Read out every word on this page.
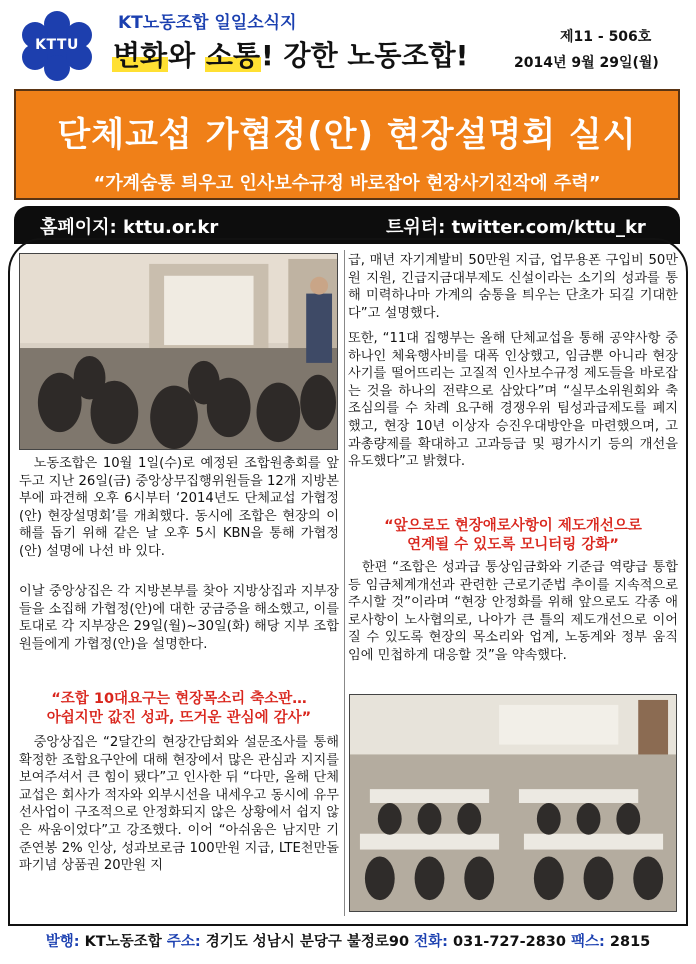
KTTU
KT노동조합 일일소식지
변화와 소통! 강한 노동조합!
제11 - 506호
2014년 9월 29일(월)
단체교섭 가협정(안) 현장설명회 실시
“가계숨통 틔우고 인사보수규정 바로잡아 현장사기진작에 주력”
홈페이지: kttu.or.kr	트위터: twitter.com/kttu_kr
　노동조합은 10월 1일(수)로 예정된 조합원총회를 앞두고 지난 26일(금) 중앙상무집행위원들을 12개 지방본부에 파견해 오후 6시부터 ‘2014년도 단체교섭 가협정(안) 현장설명회’를 개최했다. 동시에 조합은 현장의 이해를 돕기 위해 같은 날 오후 5시 KBN을 통해 가협정(안) 설명에 나선 바 있다.
이날 중앙상집은 각 지방본부를 찾아 지방상집과 지부장들을 소집해 가협정(안)에 대한 궁금증을 해소했고, 이를 토대로 각 지부장은 29일(월)~30일(화) 해당 지부 조합원들에게 가협정(안)을 설명한다.
“조합 10대요구는 현장목소리 축소판…
아쉽지만 값진 성과, 뜨거운 관심에 감사”
　중앙상집은 “2달간의 현장간담회와 설문조사를 통해 확정한 조합요구안에 대해 현장에서 많은 관심과 지지를 보여주셔서 큰 힘이 됐다”고 인사한 뒤 “다만, 올해 단체교섭은 회사가 적자와 외부시선을 내세우고 동시에 유무선사업이 구조적으로 안정화되지 않은 상황에서 쉽지 않은 싸움이었다”고 강조했다. 이어 “아쉬움은 남지만 기준연봉 2% 인상, 성과보로금 100만원 지급, LTE천만돌파기념 상품권 20만원 지
급, 매년 자기계발비 50만원 지급, 업무용폰 구입비 50만원 지원, 긴급지금대부제도 신설이라는 소기의 성과를 통해 미력하나마 가계의 숨통을 틔우는 단초가 되길 기대한다”고 설명했다.
또한, “11대 집행부는 올해 단체교섭을 통해 공약사항 중 하나인 체육행사비를 대폭 인상했고, 임금뿐 아니라 현장사기를 떨어뜨리는 고질적 인사보수규정 제도들을 바로잡는 것을 하나의 전략으로 삼았다”며 “실무소위원회와 축조심의를 수 차례 요구해 경쟁우위 팀성과급제도를 폐지했고, 현장 10년 이상자 승진우대방안을 마련했으며, 고과총량제를 확대하고 고과등급 및 평가시기 등의 개선을 유도했다”고 밝혔다.
“앞으로도 현장애로사항이 제도개선으로
연계될 수 있도록 모니터링 강화”
　한편 “조합은 성과급 통상임금화와 기준급 역량급 통합 등 임금체계개선과 관련한 근로기준법 추이를 지속적으로 주시할 것”이라며 “현장 안정화를 위해 앞으로도 각종 애로사항이 노사협의로, 나아가 큰 틀의 제도개선으로 이어질 수 있도록 현장의 목소리와 업계, 노동계와 정부 움직임에 민첩하게 대응할 것”을 약속했다.
발행: KT노동조합 주소: 경기도 성남시 분당구 불정로90 전화: 031-727-2830 팩스: 2815
